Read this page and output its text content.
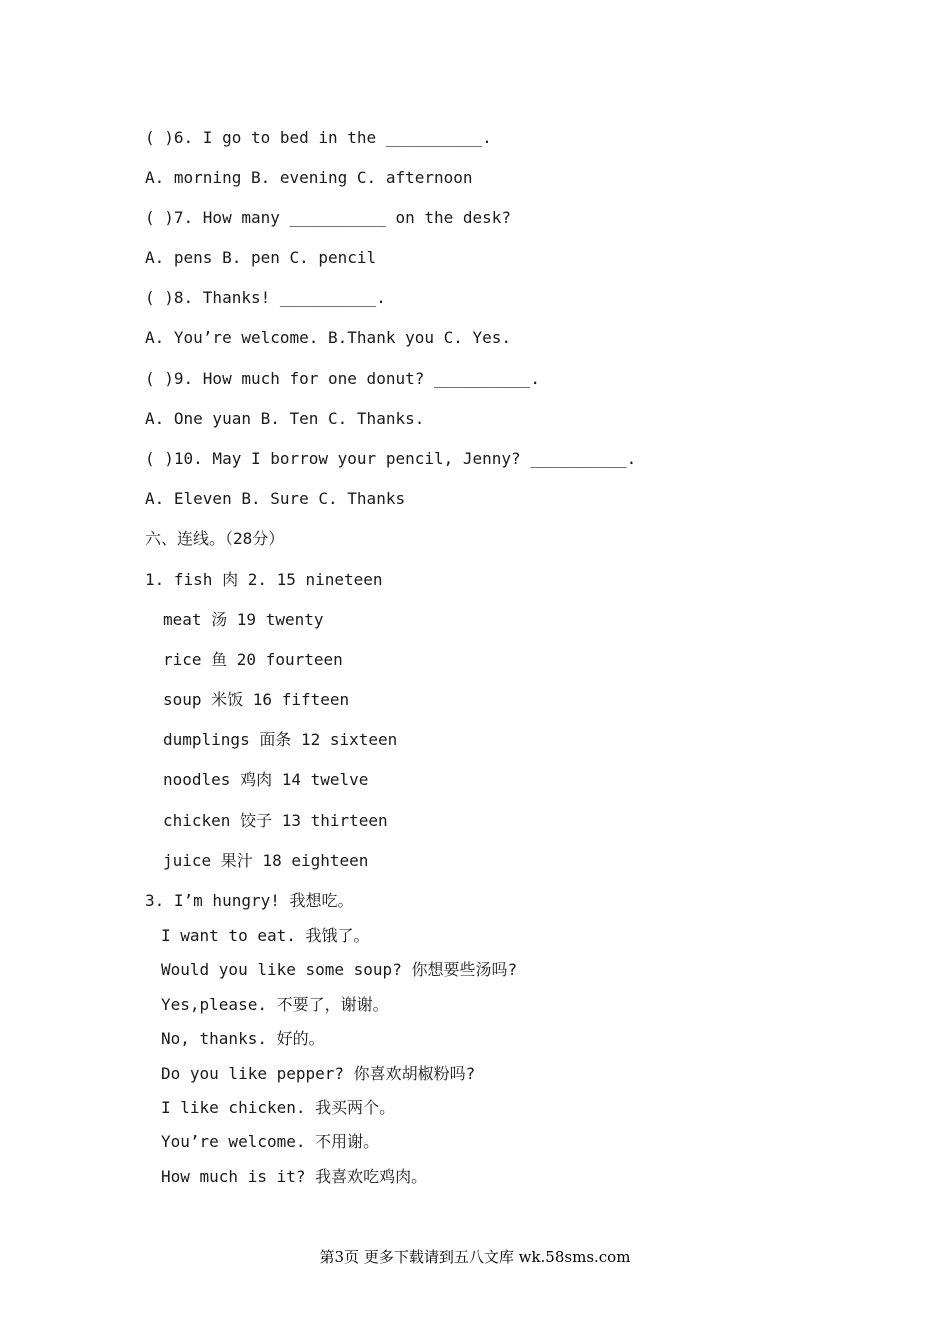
( )6. I go to bed in the __________.
A. morning B. evening C. afternoon
( )7. How many __________ on the desk?
A. pens B. pen C. pencil
( )8. Thanks! __________.
A. You’re welcome. B.Thank you C. Yes.
( )9. How much for one donut? __________.
A. One yuan B. Ten C. Thanks.
( )10. May I borrow your pencil, Jenny? __________.
A. Eleven B. Sure C. Thanks
六、连线。（28分）
1. fish 肉 2. 15 nineteen
meat 汤 19 twenty
rice 鱼 20 fourteen
soup 米饭 16 fifteen
dumplings 面条 12 sixteen
noodles 鸡肉 14 twelve
chicken 饺子 13 thirteen
juice 果汁 18 eighteen
3. I’m hungry! 我想吃。
I want to eat. 我饿了。
Would you like some soup? 你想要些汤吗?
Yes,please. 不要了，谢谢。
No, thanks. 好的。
Do you like pepper? 你喜欢胡椒粉吗?
I like chicken. 我买两个。
You’re welcome. 不用谢。
How much is it? 我喜欢吃鸡肉。
第3页 更多下载请到五八文库 wk.58sms.com
